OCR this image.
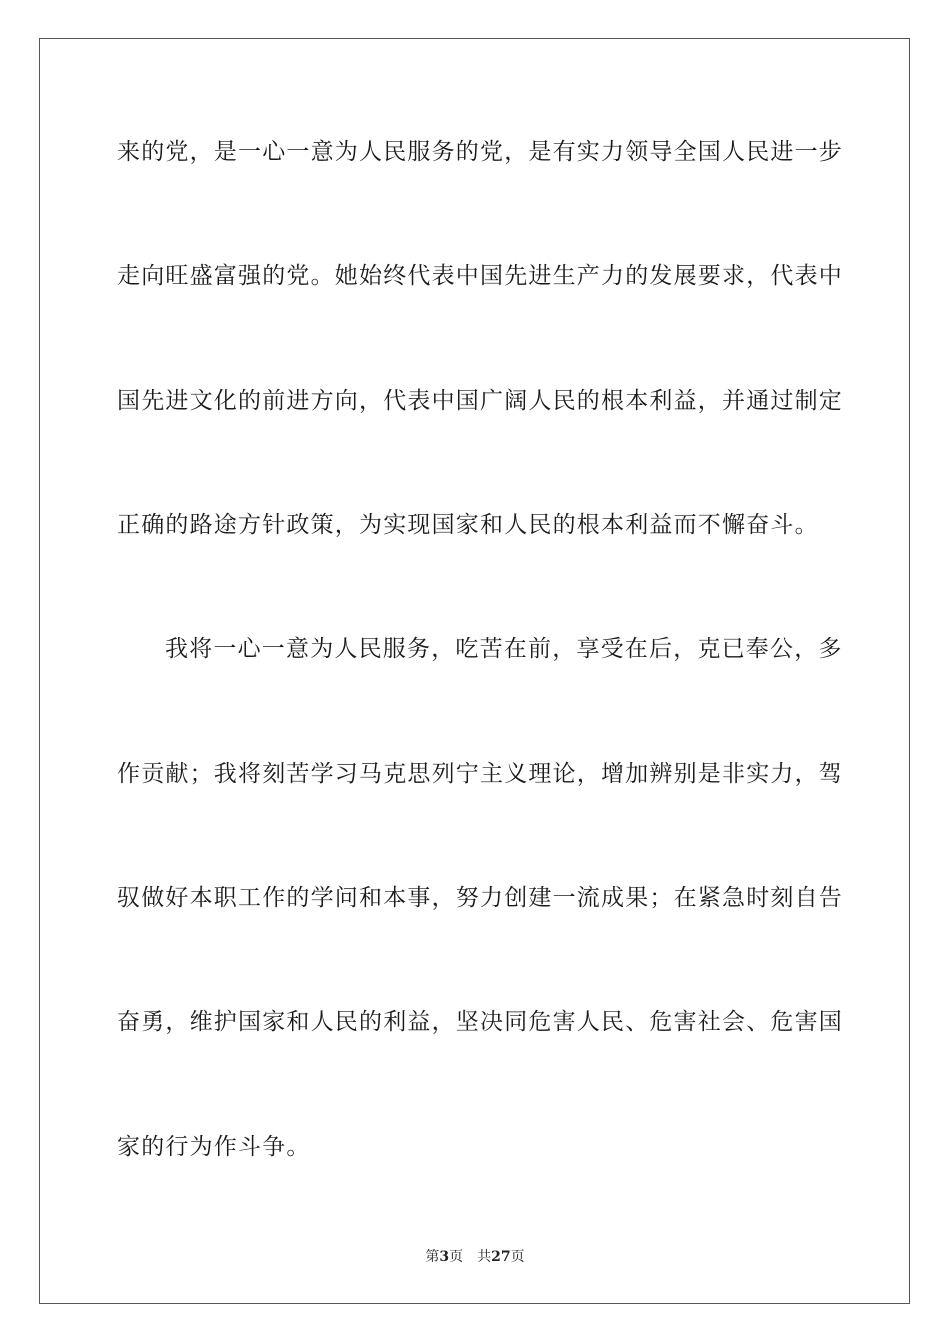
来的党，是一心一意为人民服务的党，是有实力领导全国人民进一步
走向旺盛富强的党。她始终代表中国先进生产力的发展要求，代表中
国先进文化的前进方向，代表中国广阔人民的根本利益，并通过制定
正确的路途方针政策，为实现国家和人民的根本利益而不懈奋斗。
我将一心一意为人民服务，吃苦在前，享受在后，克已奉公，多
作贡献；我将刻苦学习马克思列宁主义理论，增加辨别是非实力，驾
驭做好本职工作的学问和本事，努力创建一流成果；在紧急时刻自告
奋勇，维护国家和人民的利益，坚决同危害人民、危害社会、危害国
家的行为作斗争。
第3页　共27页
